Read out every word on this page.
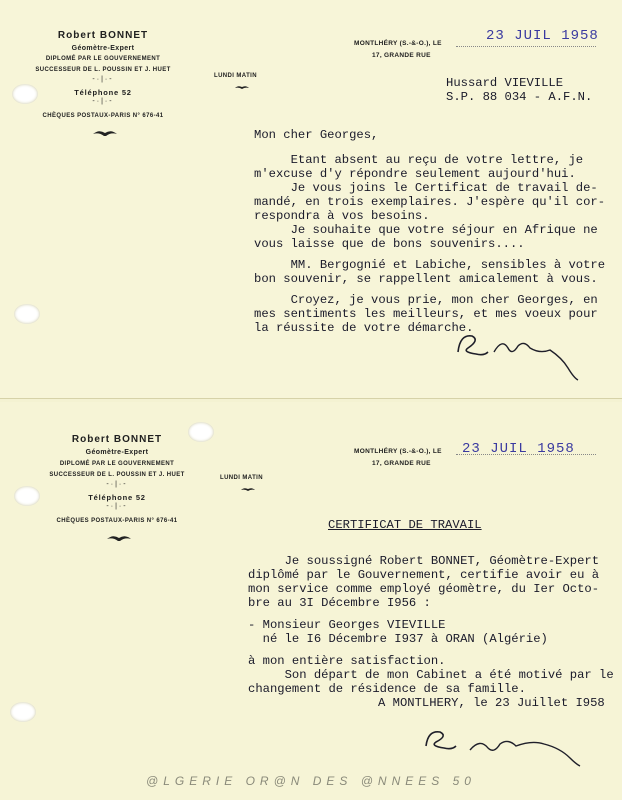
Robert BONNET
Géomètre-Expert
DIPLOMÉ PAR LE GOUVERNEMENT
SUCCESSEUR DE L. POUSSIN ET J. HUET
-·|·-
Téléphone 52
-·|·-
CHÈQUES POSTAUX-PARIS N° 676-41
LUNDI MATIN
MONTLHÉRY (S.-&-O.), LE	23 JUIL 1958
17, GRANDE RUE
Hussard VIEVILLE
S.P. 88 034 - A.F.N.
Mon cher Georges,
Etant absent au reçu de votre lettre, je
m'excuse d'y répondre seulement aujourd'hui.
Je vous joins le Certificat de travail de-
mandé, en trois exemplaires. J'espère qu'il cor-
respondra à vos besoins.
Je souhaite que votre séjour en Afrique ne
vous laisse que de bons souvenirs....
MM. Bergognié et Labiche, sensibles à votre
bon souvenir, se rappellent amicalement à vous.
Croyez, je vous prie, mon cher Georges, en
mes sentiments les meilleurs, et mes voeux pour
la réussite de votre démarche.
Robert BONNET
Géomètre-Expert
DIPLOMÉ PAR LE GOUVERNEMENT
SUCCESSEUR DE L. POUSSIN ET J. HUET
-·|·-
Téléphone 52
-·|·-
CHÈQUES POSTAUX-PARIS N° 676-41
LUNDI MATIN
MONTLHÉRY (S.-&-O.), LE 23 JUIL 1958
17, GRANDE RUE
CERTIFICAT DE TRAVAIL
Je soussigné Robert BONNET, Géomètre-Expert
diplômé par le Gouvernement, certifie avoir eu à
mon service comme employé géomètre, du Ier Octo-
bre au 3I Décembre I956 :
- Monsieur Georges VIEVILLE
né le I6 Décembre I937 à ORAN (Algérie)
à mon entière satisfaction.
Son départ de mon Cabinet a été motivé par le
changement de résidence de sa famille.
A MONTLHERY, le 23 Juillet I958
@LGERIE OR@N DES @NNEES 50
